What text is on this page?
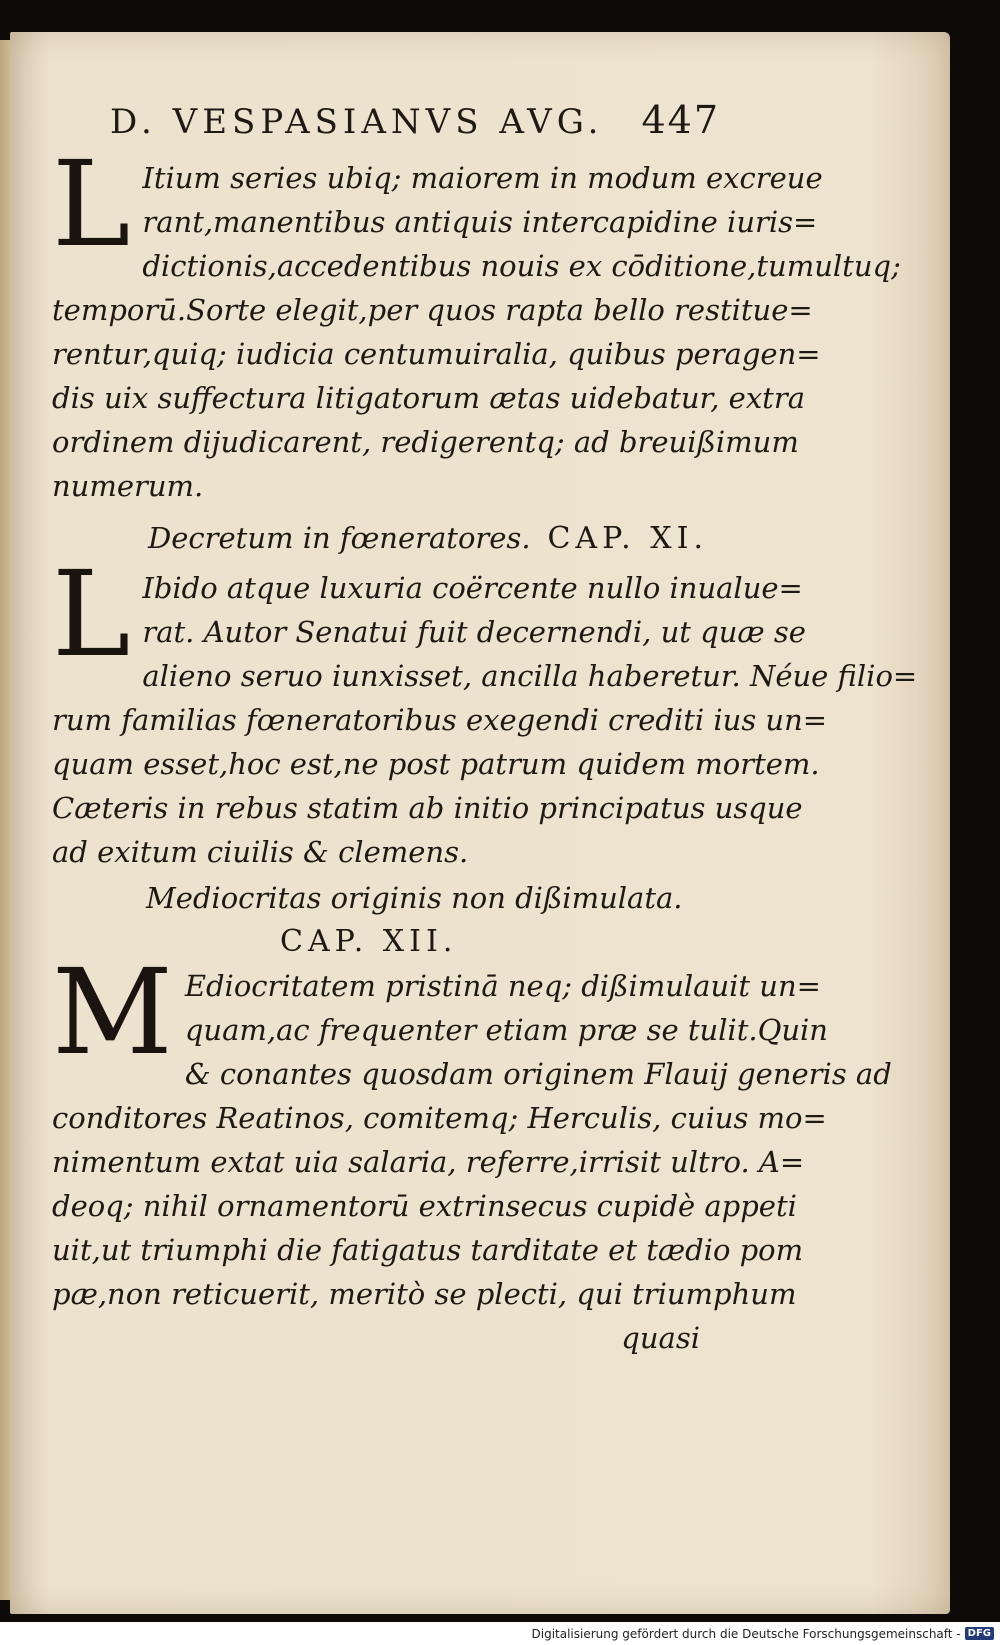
D. VESPASIANVS AVG. 447
L Itium series ubiq; maiorem in modum excreue
rant,manentibus antiquis intercapidine iuris=
dictionis,accedentibus nouis ex cōditione,tumultuq;
temporū.Sorte elegit,per quos rapta bello restitue=
rentur,quiq; iudicia centumuiralia, quibus peragen=
dis uix suffectura litigatorum ætas uidebatur, extra
ordinem dijudicarent, redigerentq; ad breuißimum
numerum.
Decretum in fœneratores. CAP. XI.
L Ibido atque luxuria coërcente nullo inualue=
rat. Autor Senatui fuit decernendi, ut quæ se
alieno seruo iunxisset, ancilla haberetur. Néue filio=
rum familias fœneratoribus exegendi crediti ius un=
quam esset,hoc est,ne post patrum quidem mortem.
Cæteris in rebus statim ab initio principatus usque
ad exitum ciuilis & clemens.
Mediocritas originis non dißimulata.
CAP. XII.
M Ediocritatem pristinā neq; dißimulauit un=
quam,ac frequenter etiam præ se tulit.Quin
& conantes quosdam originem Flauij generis ad
conditores Reatinos, comitemq; Herculis, cuius mo=
nimentum extat uia salaria, referre,irrisit ultro. A=
deoq; nihil ornamentorū extrinsecus cupidè appeti
uit,ut triumphi die fatigatus tarditate et tædio pom
pæ,non reticuerit, meritò se plecti, qui triumphum
quasi
Digitalisierung gefördert durch die Deutsche Forschungsgemeinschaft - DFG
